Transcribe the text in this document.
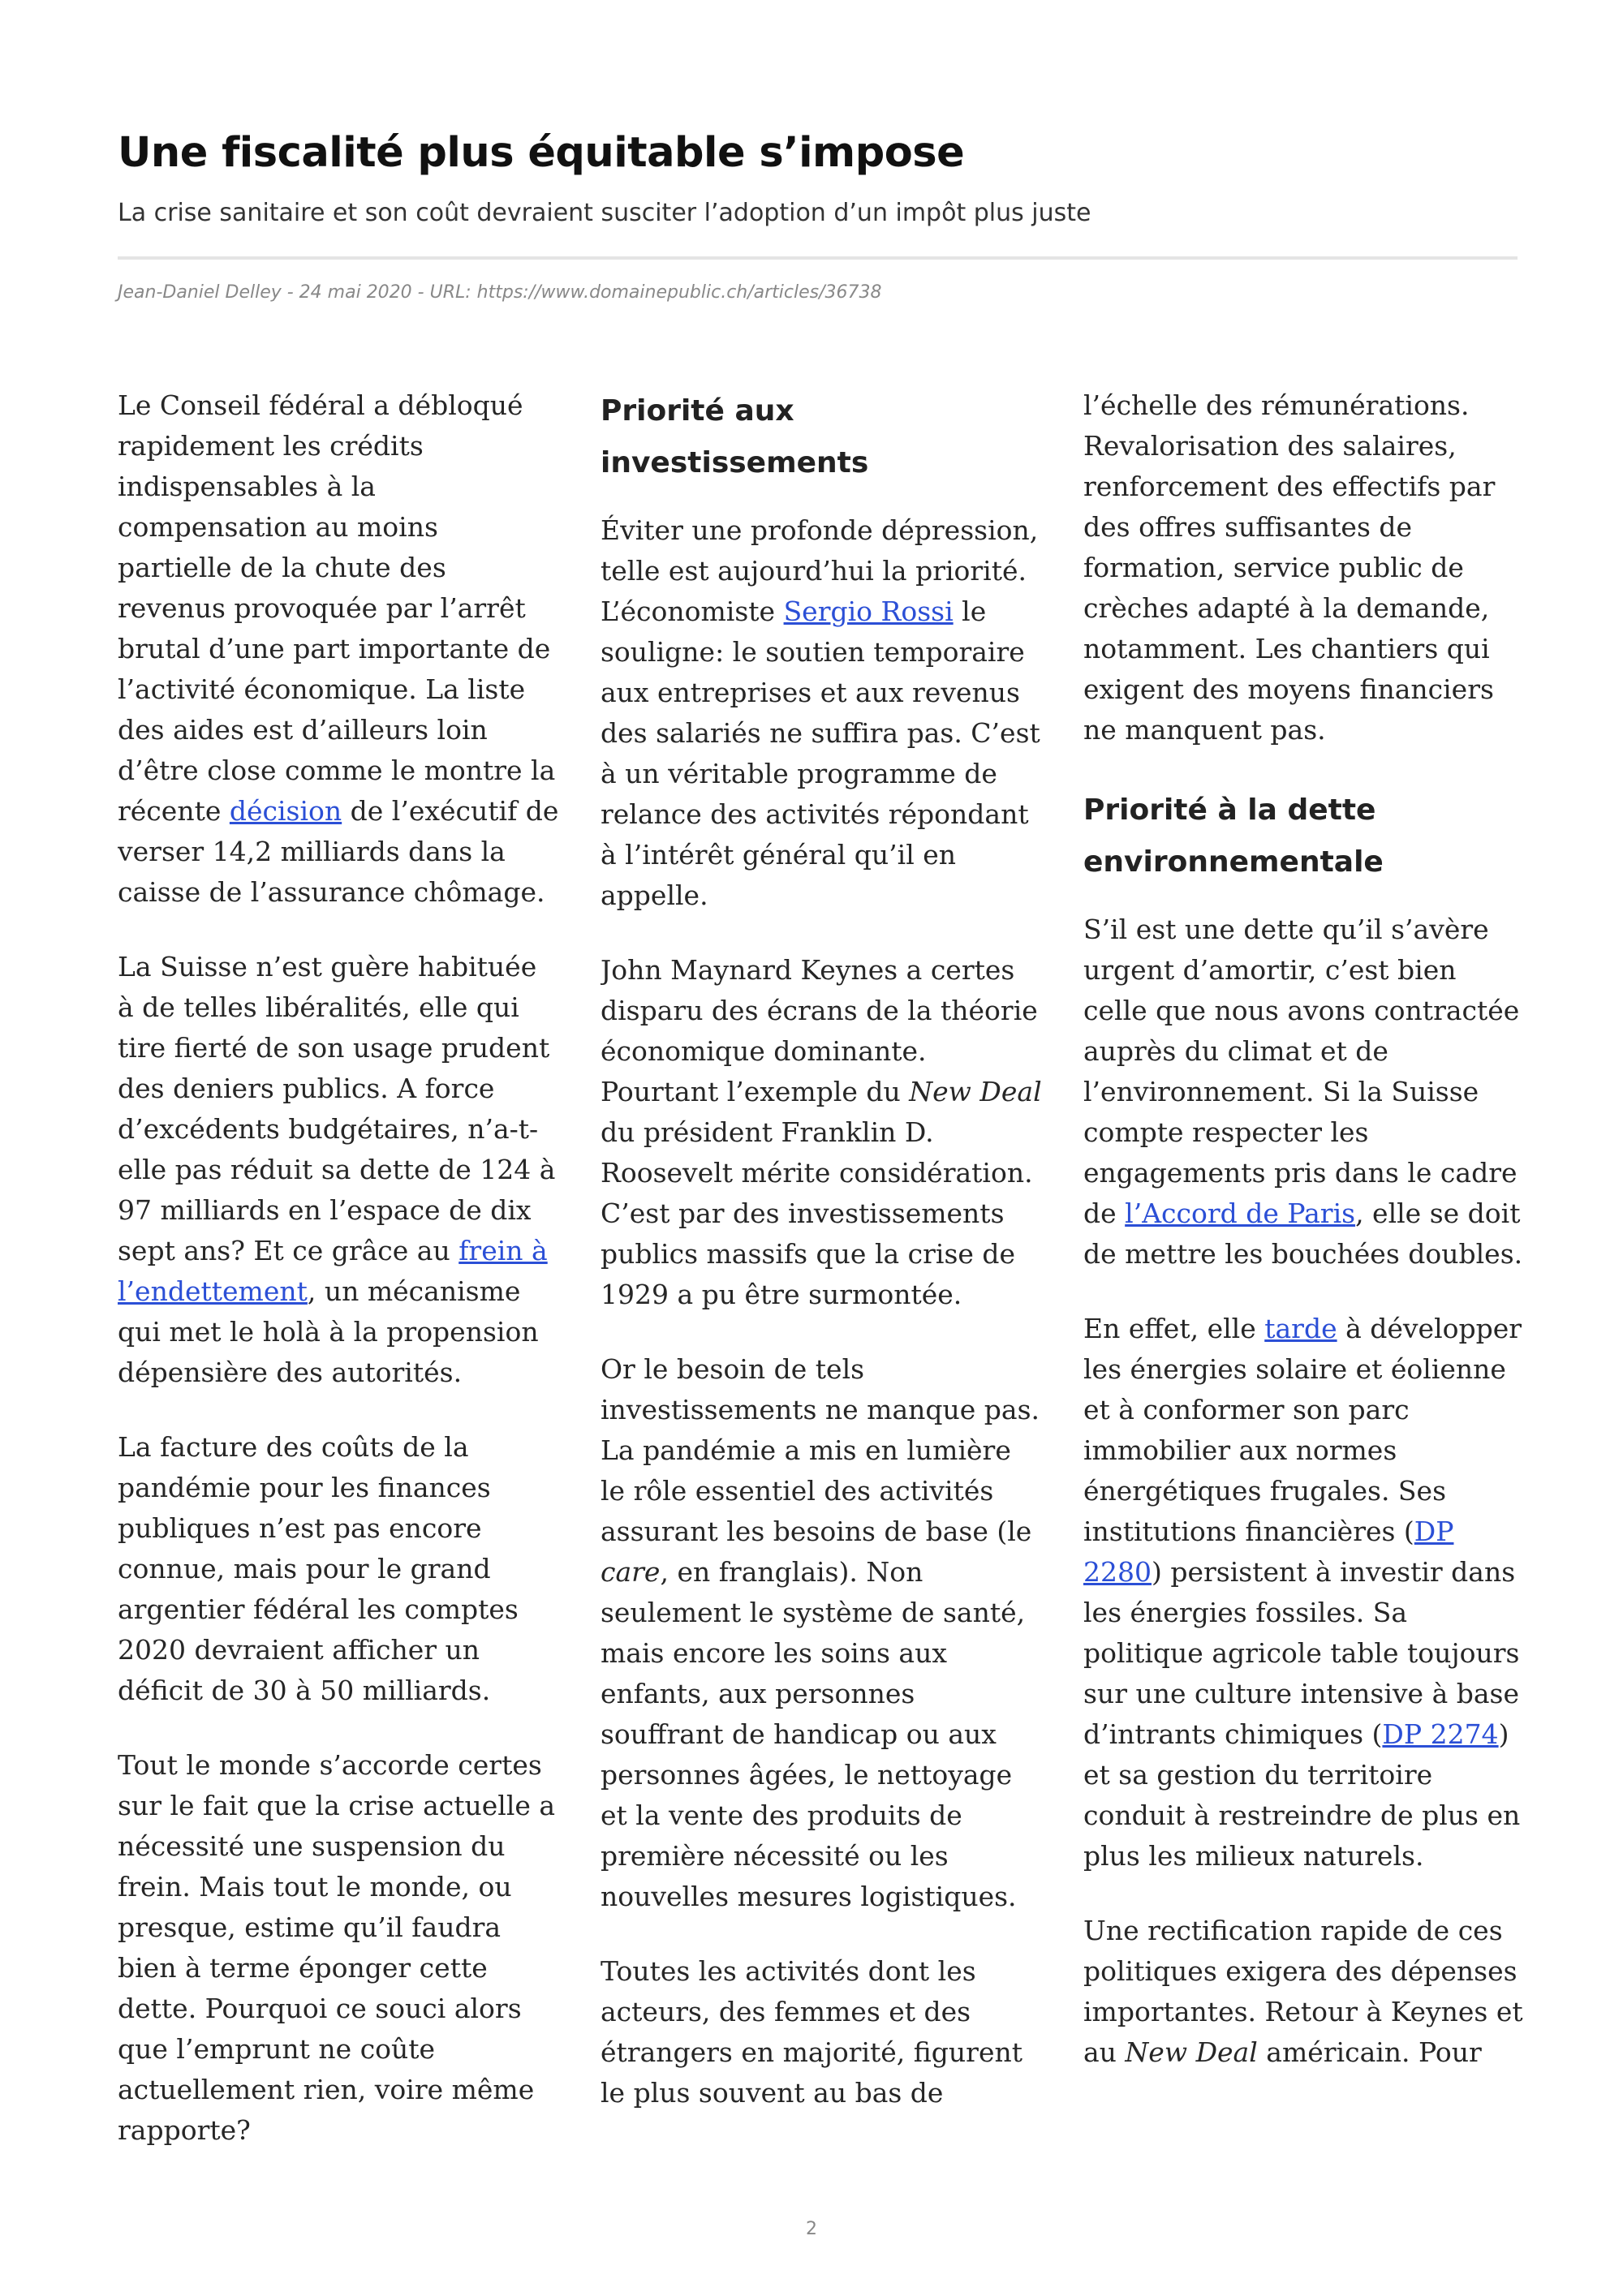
Une fiscalité plus équitable s’impose
La crise sanitaire et son coût devraient susciter l’adoption d’un impôt plus juste
Jean-Daniel Delley - 24 mai 2020 - URL: https://www.domainepublic.ch/articles/36738

Le Conseil fédéral a débloqué rapidement les crédits indispensables à la compensation au moins partielle de la chute des revenus provoquée par l’arrêt brutal d’une part importante de l’activité économique. La liste des aides est d’ailleurs loin d’être close comme le montre la récente décision de l’exécutif de verser 14,2 milliards dans la caisse de l’assurance chômage.

La Suisse n’est guère habituée à de telles libéralités, elle qui tire fierté de son usage prudent des deniers publics. A force d’excédents budgétaires, n’a-t-elle pas réduit sa dette de 124 à 97 milliards en l’espace de dix sept ans? Et ce grâce au frein à l’endettement, un mécanisme qui met le holà à la propension dépensière des autorités.

La facture des coûts de la pandémie pour les finances publiques n’est pas encore connue, mais pour le grand argentier fédéral les comptes 2020 devraient afficher un déficit de 30 à 50 milliards.

Tout le monde s’accorde certes sur le fait que la crise actuelle a nécessité une suspension du frein. Mais tout le monde, ou presque, estime qu’il faudra bien à terme éponger cette dette. Pourquoi ce souci alors que l’emprunt ne coûte actuellement rien, voire même rapporte?

Priorité aux investissements

Éviter une profonde dépression, telle est aujourd’hui la priorité. L’économiste Sergio Rossi le souligne: le soutien temporaire aux entreprises et aux revenus des salariés ne suffira pas. C’est à un véritable programme de relance des activités répondant à l’intérêt général qu’il en appelle.

John Maynard Keynes a certes disparu des écrans de la théorie économique dominante. Pourtant l’exemple du New Deal du président Franklin D. Roosevelt mérite considération. C’est par des investissements publics massifs que la crise de 1929 a pu être surmontée.

Or le besoin de tels investissements ne manque pas. La pandémie a mis en lumière le rôle essentiel des activités assurant les besoins de base (le care, en franglais). Non seulement le système de santé, mais encore les soins aux enfants, aux personnes souffrant de handicap ou aux personnes âgées, le nettoyage et la vente des produits de première nécessité ou les nouvelles mesures logistiques.

Toutes les activités dont les acteurs, des femmes et des étrangers en majorité, figurent le plus souvent au bas de

l’échelle des rémunérations. Revalorisation des salaires, renforcement des effectifs par des offres suffisantes de formation, service public de crèches adapté à la demande, notamment. Les chantiers qui exigent des moyens financiers ne manquent pas.

Priorité à la dette environnementale

S’il est une dette qu’il s’avère urgent d’amortir, c’est bien celle que nous avons contractée auprès du climat et de l’environnement. Si la Suisse compte respecter les engagements pris dans le cadre de l’Accord de Paris, elle se doit de mettre les bouchées doubles.

En effet, elle tarde à développer les énergies solaire et éolienne et à conformer son parc immobilier aux normes énergétiques frugales. Ses institutions financières (DP 2280) persistent à investir dans les énergies fossiles. Sa politique agricole table toujours sur une culture intensive à base d’intrants chimiques (DP 2274) et sa gestion du territoire conduit à restreindre de plus en plus les milieux naturels.

Une rectification rapide de ces politiques exigera des dépenses importantes. Retour à Keynes et au New Deal américain. Pour

2
